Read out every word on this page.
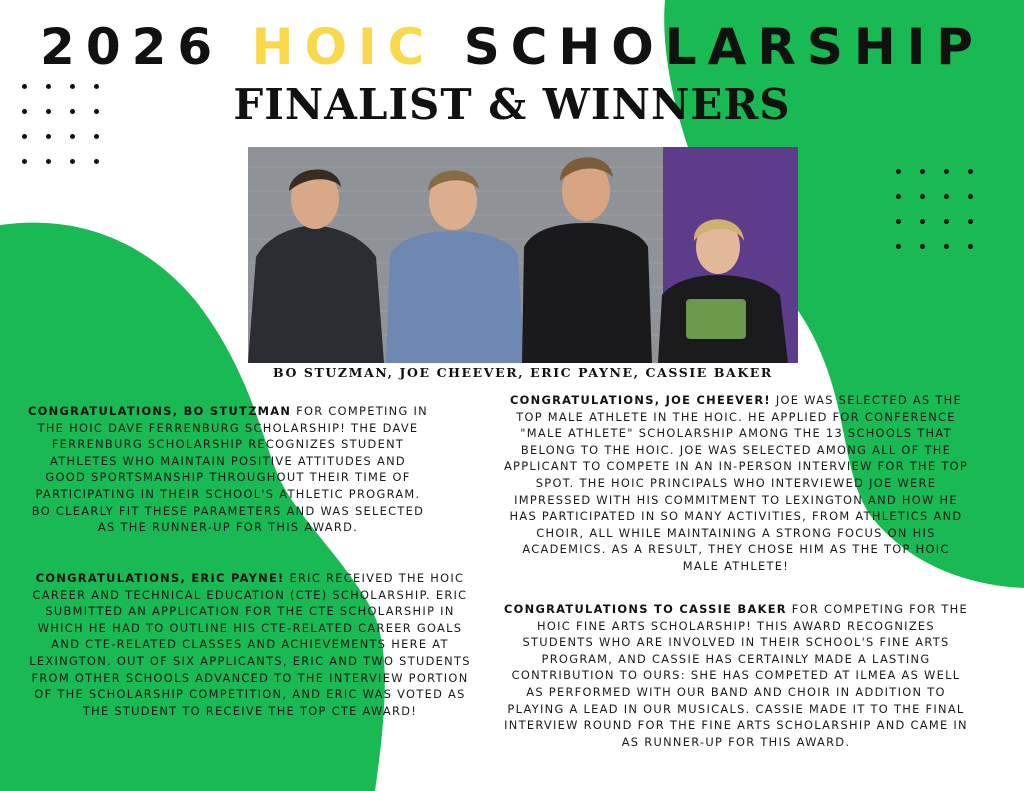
2026 HOIC SCHOLARSHIP
FINALIST & WINNERS
BO STUZMAN, JOE CHEEVER, ERIC PAYNE, CASSIE BAKER
CONGRATULATIONS, BO STUTZMAN FOR COMPETING IN THE HOIC DAVE FERRENBURG SCHOLARSHIP! THE DAVE FERRENBURG SCHOLARSHIP RECOGNIZES STUDENT ATHLETES WHO MAINTAIN POSITIVE ATTITUDES AND GOOD SPORTSMANSHIP THROUGHOUT THEIR TIME OF PARTICIPATING IN THEIR SCHOOL'S ATHLETIC PROGRAM. BO CLEARLY FIT THESE PARAMETERS AND WAS SELECTED AS THE RUNNER-UP FOR THIS AWARD.
CONGRATULATIONS, ERIC PAYNE! ERIC RECEIVED THE HOIC CAREER AND TECHNICAL EDUCATION (CTE) SCHOLARSHIP. ERIC SUBMITTED AN APPLICATION FOR THE CTE SCHOLARSHIP IN WHICH HE HAD TO OUTLINE HIS CTE-RELATED CAREER GOALS AND CTE-RELATED CLASSES AND ACHIEVEMENTS HERE AT LEXINGTON. OUT OF SIX APPLICANTS, ERIC AND TWO STUDENTS FROM OTHER SCHOOLS ADVANCED TO THE INTERVIEW PORTION OF THE SCHOLARSHIP COMPETITION, AND ERIC WAS VOTED AS THE STUDENT TO RECEIVE THE TOP CTE AWARD!
CONGRATULATIONS, JOE CHEEVER! JOE WAS SELECTED AS THE TOP MALE ATHLETE IN THE HOIC. HE APPLIED FOR CONFERENCE "MALE ATHLETE" SCHOLARSHIP AMONG THE 13 SCHOOLS THAT BELONG TO THE HOIC. JOE WAS SELECTED AMONG ALL OF THE APPLICANT TO COMPETE IN AN IN-PERSON INTERVIEW FOR THE TOP SPOT. THE HOIC PRINCIPALS WHO INTERVIEWED JOE WERE IMPRESSED WITH HIS COMMITMENT TO LEXINGTON AND HOW HE HAS PARTICIPATED IN SO MANY ACTIVITIES, FROM ATHLETICS AND CHOIR, ALL WHILE MAINTAINING A STRONG FOCUS ON HIS ACADEMICS. AS A RESULT, THEY CHOSE HIM AS THE TOP HOIC MALE ATHLETE!
CONGRATULATIONS TO CASSIE BAKER FOR COMPETING FOR THE HOIC FINE ARTS SCHOLARSHIP! THIS AWARD RECOGNIZES STUDENTS WHO ARE INVOLVED IN THEIR SCHOOL'S FINE ARTS PROGRAM, AND CASSIE HAS CERTAINLY MADE A LASTING CONTRIBUTION TO OURS: SHE HAS COMPETED AT ILMEA AS WELL AS PERFORMED WITH OUR BAND AND CHOIR IN ADDITION TO PLAYING A LEAD IN OUR MUSICALS. CASSIE MADE IT TO THE FINAL INTERVIEW ROUND FOR THE FINE ARTS SCHOLARSHIP AND CAME IN AS RUNNER-UP FOR THIS AWARD.
